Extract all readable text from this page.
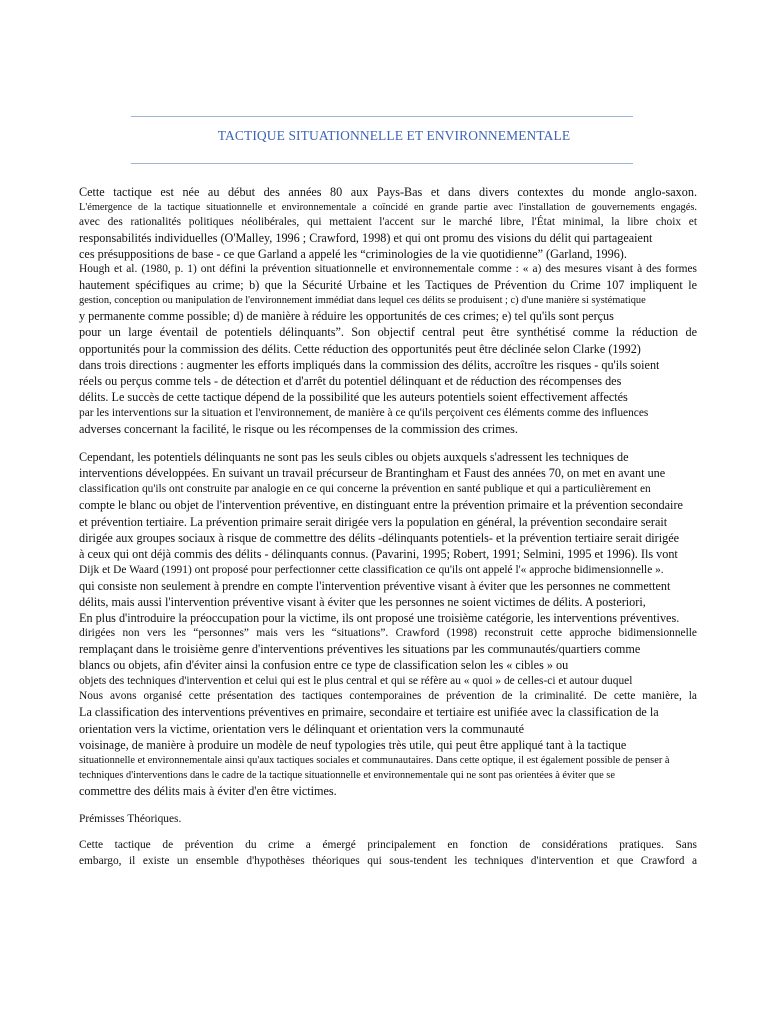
TACTIQUE SITUATIONNELLE ET ENVIRONNEMENTALE

Cette tactique est née au début des années 80 aux Pays-Bas et dans divers contextes du monde anglo-saxon.
L'émergence de la tactique situationnelle et environnementale a coïncidé en grande partie avec l'installation de gouvernements engagés.
avec des rationalités politiques néolibérales, qui mettaient l'accent sur le marché libre, l'État minimal, la libre choix et
responsabilités individuelles (O'Malley, 1996 ; Crawford, 1998) et qui ont promu des visions du délit qui partageaient
ces présuppositions de base - ce que Garland a appelé les “criminologies de la vie quotidienne” (Garland, 1996).
Hough et al. (1980, p. 1) ont défini la prévention situationnelle et environnementale comme : « a) des mesures visant à des formes
hautement spécifiques au crime; b) que la Sécurité Urbaine et les Tactiques de Prévention du Crime 107 impliquent le
gestion, conception ou manipulation de l'environnement immédiat dans lequel ces délits se produisent ; c) d'une manière si systématique
y permanente comme possible; d) de manière à réduire les opportunités de ces crimes; e) tel qu'ils sont perçus
pour un large éventail de potentiels délinquants”. Son objectif central peut être synthétisé comme la réduction de
opportunités pour la commission des délits. Cette réduction des opportunités peut être déclinée selon Clarke (1992)
dans trois directions : augmenter les efforts impliqués dans la commission des délits, accroître les risques - qu'ils soient
réels ou perçus comme tels - de détection et d'arrêt du potentiel délinquant et de réduction des récompenses des
délits. Le succès de cette tactique dépend de la possibilité que les auteurs potentiels soient effectivement affectés
par les interventions sur la situation et l'environnement, de manière à ce qu'ils perçoivent ces éléments comme des influences
adverses concernant la facilité, le risque ou les récompenses de la commission des crimes.

Cependant, les potentiels délinquants ne sont pas les seuls cibles ou objets auxquels s'adressent les techniques de
interventions développées. En suivant un travail précurseur de Brantingham et Faust des années 70, on met en avant une
classification qu'ils ont construite par analogie en ce qui concerne la prévention en santé publique et qui a particulièrement en
compte le blanc ou objet de l'intervention préventive, en distinguant entre la prévention primaire et la prévention secondaire
et prévention tertiaire. La prévention primaire serait dirigée vers la population en général, la prévention secondaire serait
dirigée aux groupes sociaux à risque de commettre des délits -délinquants potentiels- et la prévention tertiaire serait dirigée
à ceux qui ont déjà commis des délits - délinquants connus. (Pavarini, 1995; Robert, 1991; Selmini, 1995 et 1996). Ils vont
Dijk et De Waard (1991) ont proposé pour perfectionner cette classification ce qu'ils ont appelé l'« approche bidimensionnelle ».
qui consiste non seulement à prendre en compte l'intervention préventive visant à éviter que les personnes ne commettent
délits, mais aussi l'intervention préventive visant à éviter que les personnes ne soient victimes de délits. A posteriori,
En plus d'introduire la préoccupation pour la victime, ils ont proposé une troisième catégorie, les interventions préventives.
dirigées non vers les “personnes” mais vers les “situations”. Crawford (1998) reconstruit cette approche bidimensionnelle
remplaçant dans le troisième genre d'interventions préventives les situations par les communautés/quartiers comme
blancs ou objets, afin d'éviter ainsi la confusion entre ce type de classification selon les « cibles » ou
objets des techniques d'intervention et celui qui est le plus central et qui se réfère au « quoi » de celles-ci et autour duquel
Nous avons organisé cette présentation des tactiques contemporaines de prévention de la criminalité. De cette manière, la
La classification des interventions préventives en primaire, secondaire et tertiaire est unifiée avec la classification de la
orientation vers la victime, orientation vers le délinquant et orientation vers la communauté
voisinage, de manière à produire un modèle de neuf typologies très utile, qui peut être appliqué tant à la tactique
situationnelle et environnementale ainsi qu'aux tactiques sociales et communautaires. Dans cette optique, il est également possible de penser à
techniques d'interventions dans le cadre de la tactique situationnelle et environnementale qui ne sont pas orientées à éviter que se
commettre des délits mais à éviter d'en être victimes.

Prémisses Théoriques.

Cette tactique de prévention du crime a émergé principalement en fonction de considérations pratiques. Sans
embargo, il existe un ensemble d'hypothèses théoriques qui sous-tendent les techniques d'intervention et que Crawford a
